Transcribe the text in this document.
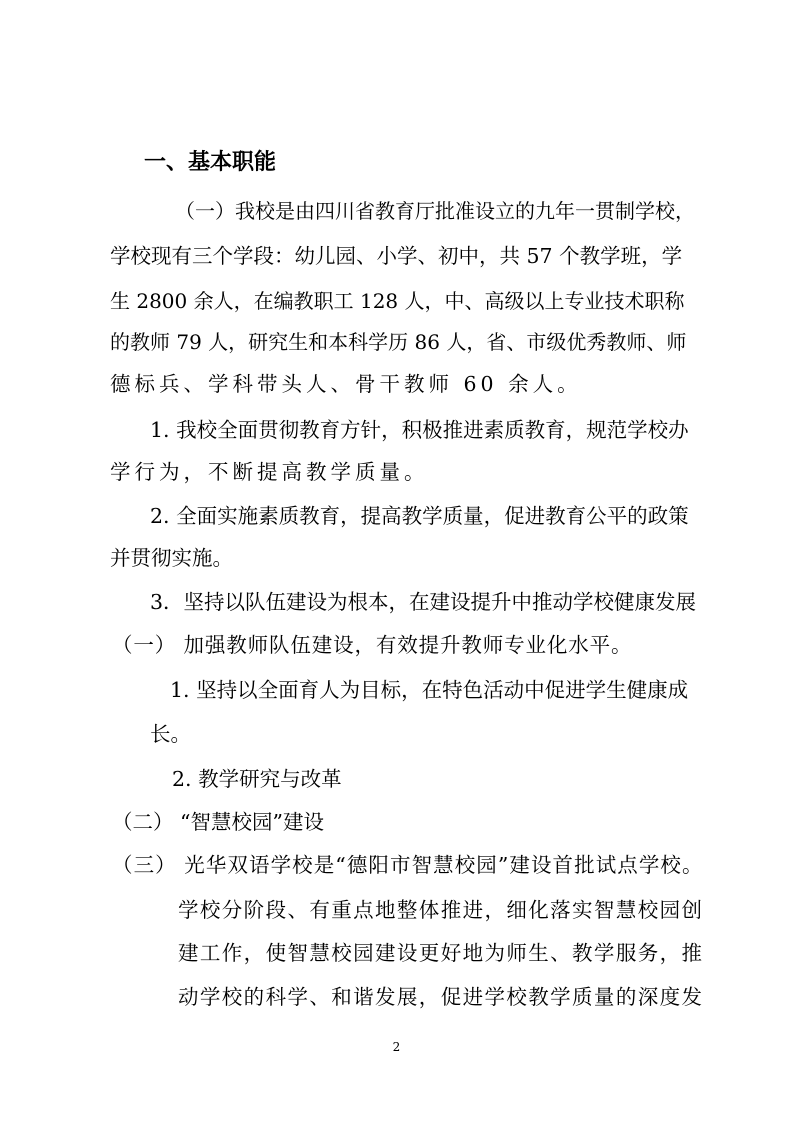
一、基本职能
（一）我校是由四川省教育厅批准设立的九年一贯制学校，
学校现有三个学段：幼儿园、小学、初中，共 57 个教学班，学
生 2800 余人，在编教职工 128 人，中、高级以上专业技术职称
的教师 79 人，研究生和本科学历 86 人，省、市级优秀教师、师
德标兵、学科带头人、骨干教师 60 余人。
1. 我校全面贯彻教育方针，积极推进素质教育，规范学校办
学行为，不断提高教学质量。
2. 全面实施素质教育，提高教学质量，促进教育公平的政策
并贯彻实施。
3．坚持以队伍建设为根本，在建设提升中推动学校健康发展
（一） 加强教师队伍建设，有效提升教师专业化水平。
1. 坚持以全面育人为目标，在特色活动中促进学生健康成
长。
2. 教学研究与改革
（二） “智慧校园”建设
（三） 光华双语学校是“德阳市智慧校园”建设首批试点学校。
学校分阶段、有重点地整体推进，细化落实智慧校园创
建工作，使智慧校园建设更好地为师生、教学服务，推
动学校的科学、和谐发展，促进学校教学质量的深度发
2
